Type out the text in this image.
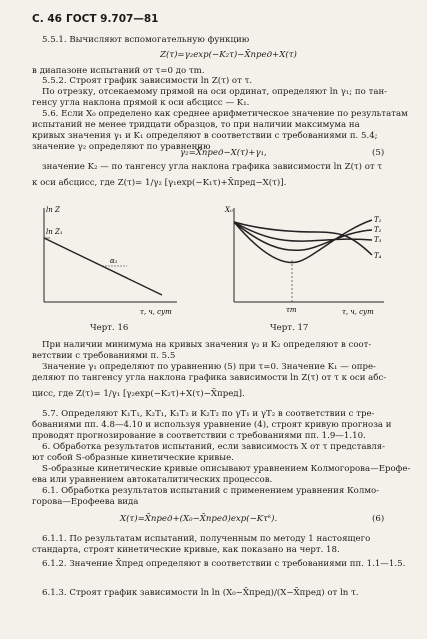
С. 46 ГОСТ 9.707—81
5.5.1. Вычисляют вспомогательную функцию
Z(τ)=γ₂exp(−K₂τ)−X̄пред+X(τ)
в диапазоне испытаний от τ=0 до τm.
5.5.2. Строят график зависимости ln Z(τ) от τ.
По отрезку, отсекаемому прямой на оси ординат, определяют ln γ₁; по тан-
генсу угла наклона прямой к оси абсцисс — K₁.
5.6. Если X₀ определено как среднее арифметическое значение по результатам
испытаний не менее тридцати образцов, то при наличии максимума на
кривых значения γ₁ и K₁ определяют в соответствии с требованиями п. 5.4;
значение γ₂ определяют по уравнению
γ₂=X̄пред−X(τ)+γ₁,	(5)
значение K₂ — по тангенсу угла наклона графика зависимости ln Z(τ) от τ
к оси абсцисс, где Z(τ)= 1/γ₂ [γ₁exp(−K₁τ)+X̄пред−X(τ)].
ln Z
ln Z₁
α₁
τ, ч, сут
Черт. 16
X₀
T₁
T₂
T₃
T₄
τm	τ, ч, сут
Черт. 17
При наличии минимума на кривых значения γ₂ и K₂ определяют в соот-
ветствии с требованиями п. 5.5
Значение γ₁ определяют по уравнению (5) при τ=0. Значение K₁ — опре-
деляют по тангенсу угла наклона графика зависимости ln Z(τ) от τ к оси абс-
цисс, где Z(τ)= 1/γ₁ [γ₂exp(−K₂τ)+X(τ)−X̄пред].
5.7. Определяют K₁T₁, K₂T₁, K₁T₂ и K₂T₂ по γT₁ и γT₂ в соответствии с тре-
бованиями пп. 4.8—4.10 и используя уравнение (4), строят кривую прогноза и
проводят прогнозирование в соответствии с требованиями пп. 1.9—1.10.
6. Обработка результатов испытаний, если зависимость X от τ представля-
ют собой S-образные кинетические кривые.
S-образные кинетические кривые описывают уравнением Колмогорова—Ерофе-
ева или уравнением автокаталитических процессов.
6.1. Обработка результатов испытаний с применением уравнения Колмо-
горова—Ерофеева вида
X(τ)=X̄пред+(X₀−X̄пред)exp(−Kτᵏ).	(6)
6.1.1. По результатам испытаний, полученным по методу 1 настоящего
стандарта, строят кинетические кривые, как показано на черт. 18.
6.1.2. Значение X̄пред определяют в соответствии с требованиями пп. 1.1—1.5.
6.1.3. Строят график зависимости ln ln (X₀−X̄пред)/(X−X̄пред) от ln τ.
